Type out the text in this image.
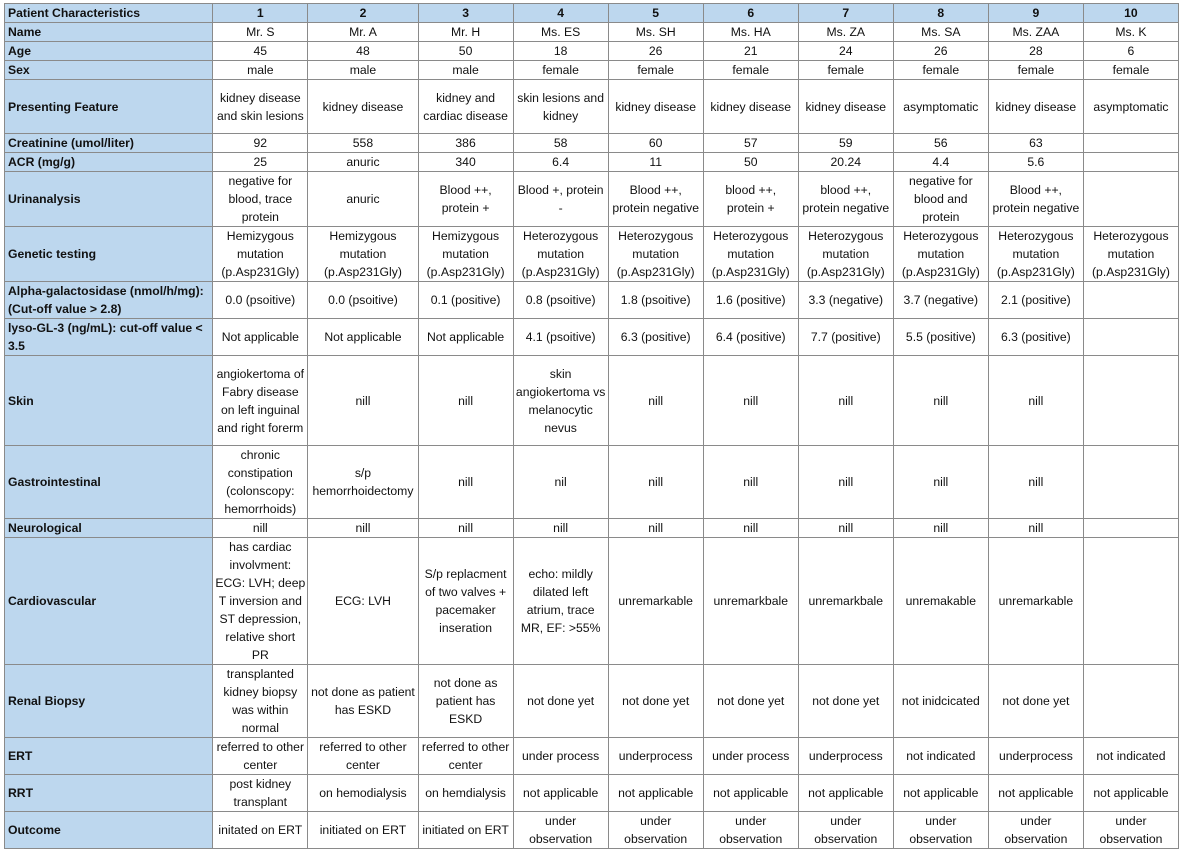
Patient Characteristics	1	2	3	4	5	6	7	8	9	10
Name	Mr. S	Mr. A	Mr. H	Ms. ES	Ms. SH	Ms. HA	Ms. ZA	Ms. SA	Ms. ZAA	Ms. K
Age	45	48	50	18	26	21	24	26	28	6
Sex	male	male	male	female	female	female	female	female	female	female
Presenting Feature	kidney disease and skin lesions	kidney disease	kidney and cardiac disease	skin lesions and kidney	kidney disease	kidney disease	kidney disease	asymptomatic	kidney disease	asymptomatic
Creatinine (umol/liter)	92	558	386	58	60	57	59	56	63	
ACR (mg/g)	25	anuric	340	6.4	11	50	20.24	4.4	5.6	
Urinanalysis	negative for blood, trace protein	anuric	Blood ++, protein +	Blood +, protein -	Blood ++, protein negative	blood ++, protein +	blood ++, protein negative	negative for blood and protein	Blood ++, protein negative	
Genetic testing	Hemizygous mutation (p.Asp231Gly)	Hemizygous mutation (p.Asp231Gly)	Hemizygous mutation (p.Asp231Gly)	Heterozygous mutation (p.Asp231Gly)	Heterozygous mutation (p.Asp231Gly)	Heterozygous mutation (p.Asp231Gly)	Heterozygous mutation (p.Asp231Gly)	Heterozygous mutation (p.Asp231Gly)	Heterozygous mutation (p.Asp231Gly)	Heterozygous mutation (p.Asp231Gly)
Alpha-galactosidase (nmol/h/mg): (Cut-off value > 2.8)	0.0 (psoitive)	0.0 (psoitive)	0.1 (positive)	0.8 (psoitive)	1.8 (psoitive)	1.6 (positive)	3.3 (negative)	3.7 (negative)	2.1 (positive)	
lyso-GL-3 (ng/mL): cut-off value < 3.5	Not applicable	Not applicable	Not applicable	4.1 (psoitive)	6.3 (positive)	6.4 (positive)	7.7 (positive)	5.5 (positive)	6.3 (positive)	
Skin	angiokertoma of Fabry disease on left inguinal and right forerm	nill	nill	skin angiokertoma vs melanocytic nevus	nill	nill	nill	nill	nill	
Gastrointestinal	chronic constipation (colonscopy: hemorrhoids)	s/p hemorrhoidectomy	nill	nil	nill	nill	nill	nill	nill	
Neurological	nill	nill	nill	nill	nill	nill	nill	nill	nill	
Cardiovascular	has cardiac involvment: ECG: LVH; deep T inversion and ST depression, relative short PR	ECG: LVH	S/p replacment of two valves + pacemaker inseration	echo: mildly dilated left atrium, trace MR, EF: >55%	unremarkable	unremarkbale	unremarkbale	unremakable	unremarkable	
Renal Biopsy	transplanted kidney biopsy was within normal	not done as patient has ESKD	not done as patient has ESKD	not done yet	not done yet	not done yet	not done yet	not inidcicated	not done yet	
ERT	referred to other center	referred to other center	referred to other center	under process	underprocess	under process	underprocess	not indicated	underprocess	not indicated
RRT	post kidney transplant	on hemodialysis	on hemdialysis	not applicable	not applicable	not applicable	not applicable	not applicable	not applicable	not applicable
Outcome	initated on ERT	initiated on ERT	initiated on ERT	under observation	under observation	under observation	under observation	under observation	under observation	under observation
